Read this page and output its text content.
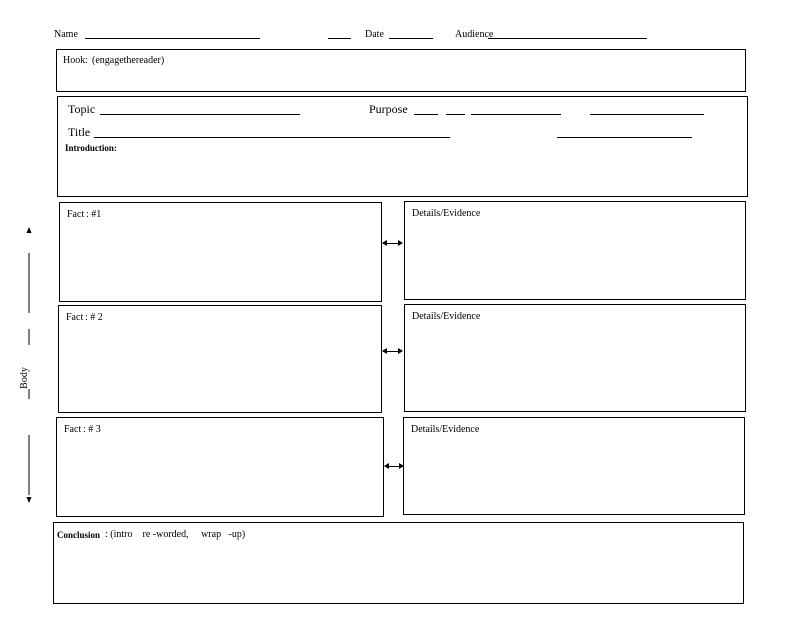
Name	Date	Audience
Hook : (engagethereader)
Topic	Purpose
Title
Introduction:
Body
Fact : #1	Details/Evidence
Fact : # 2	Details/Evidence
Fact : # 3	Details/Evidence
Conclusion : (intro    re -worded,     wrap   -up)
